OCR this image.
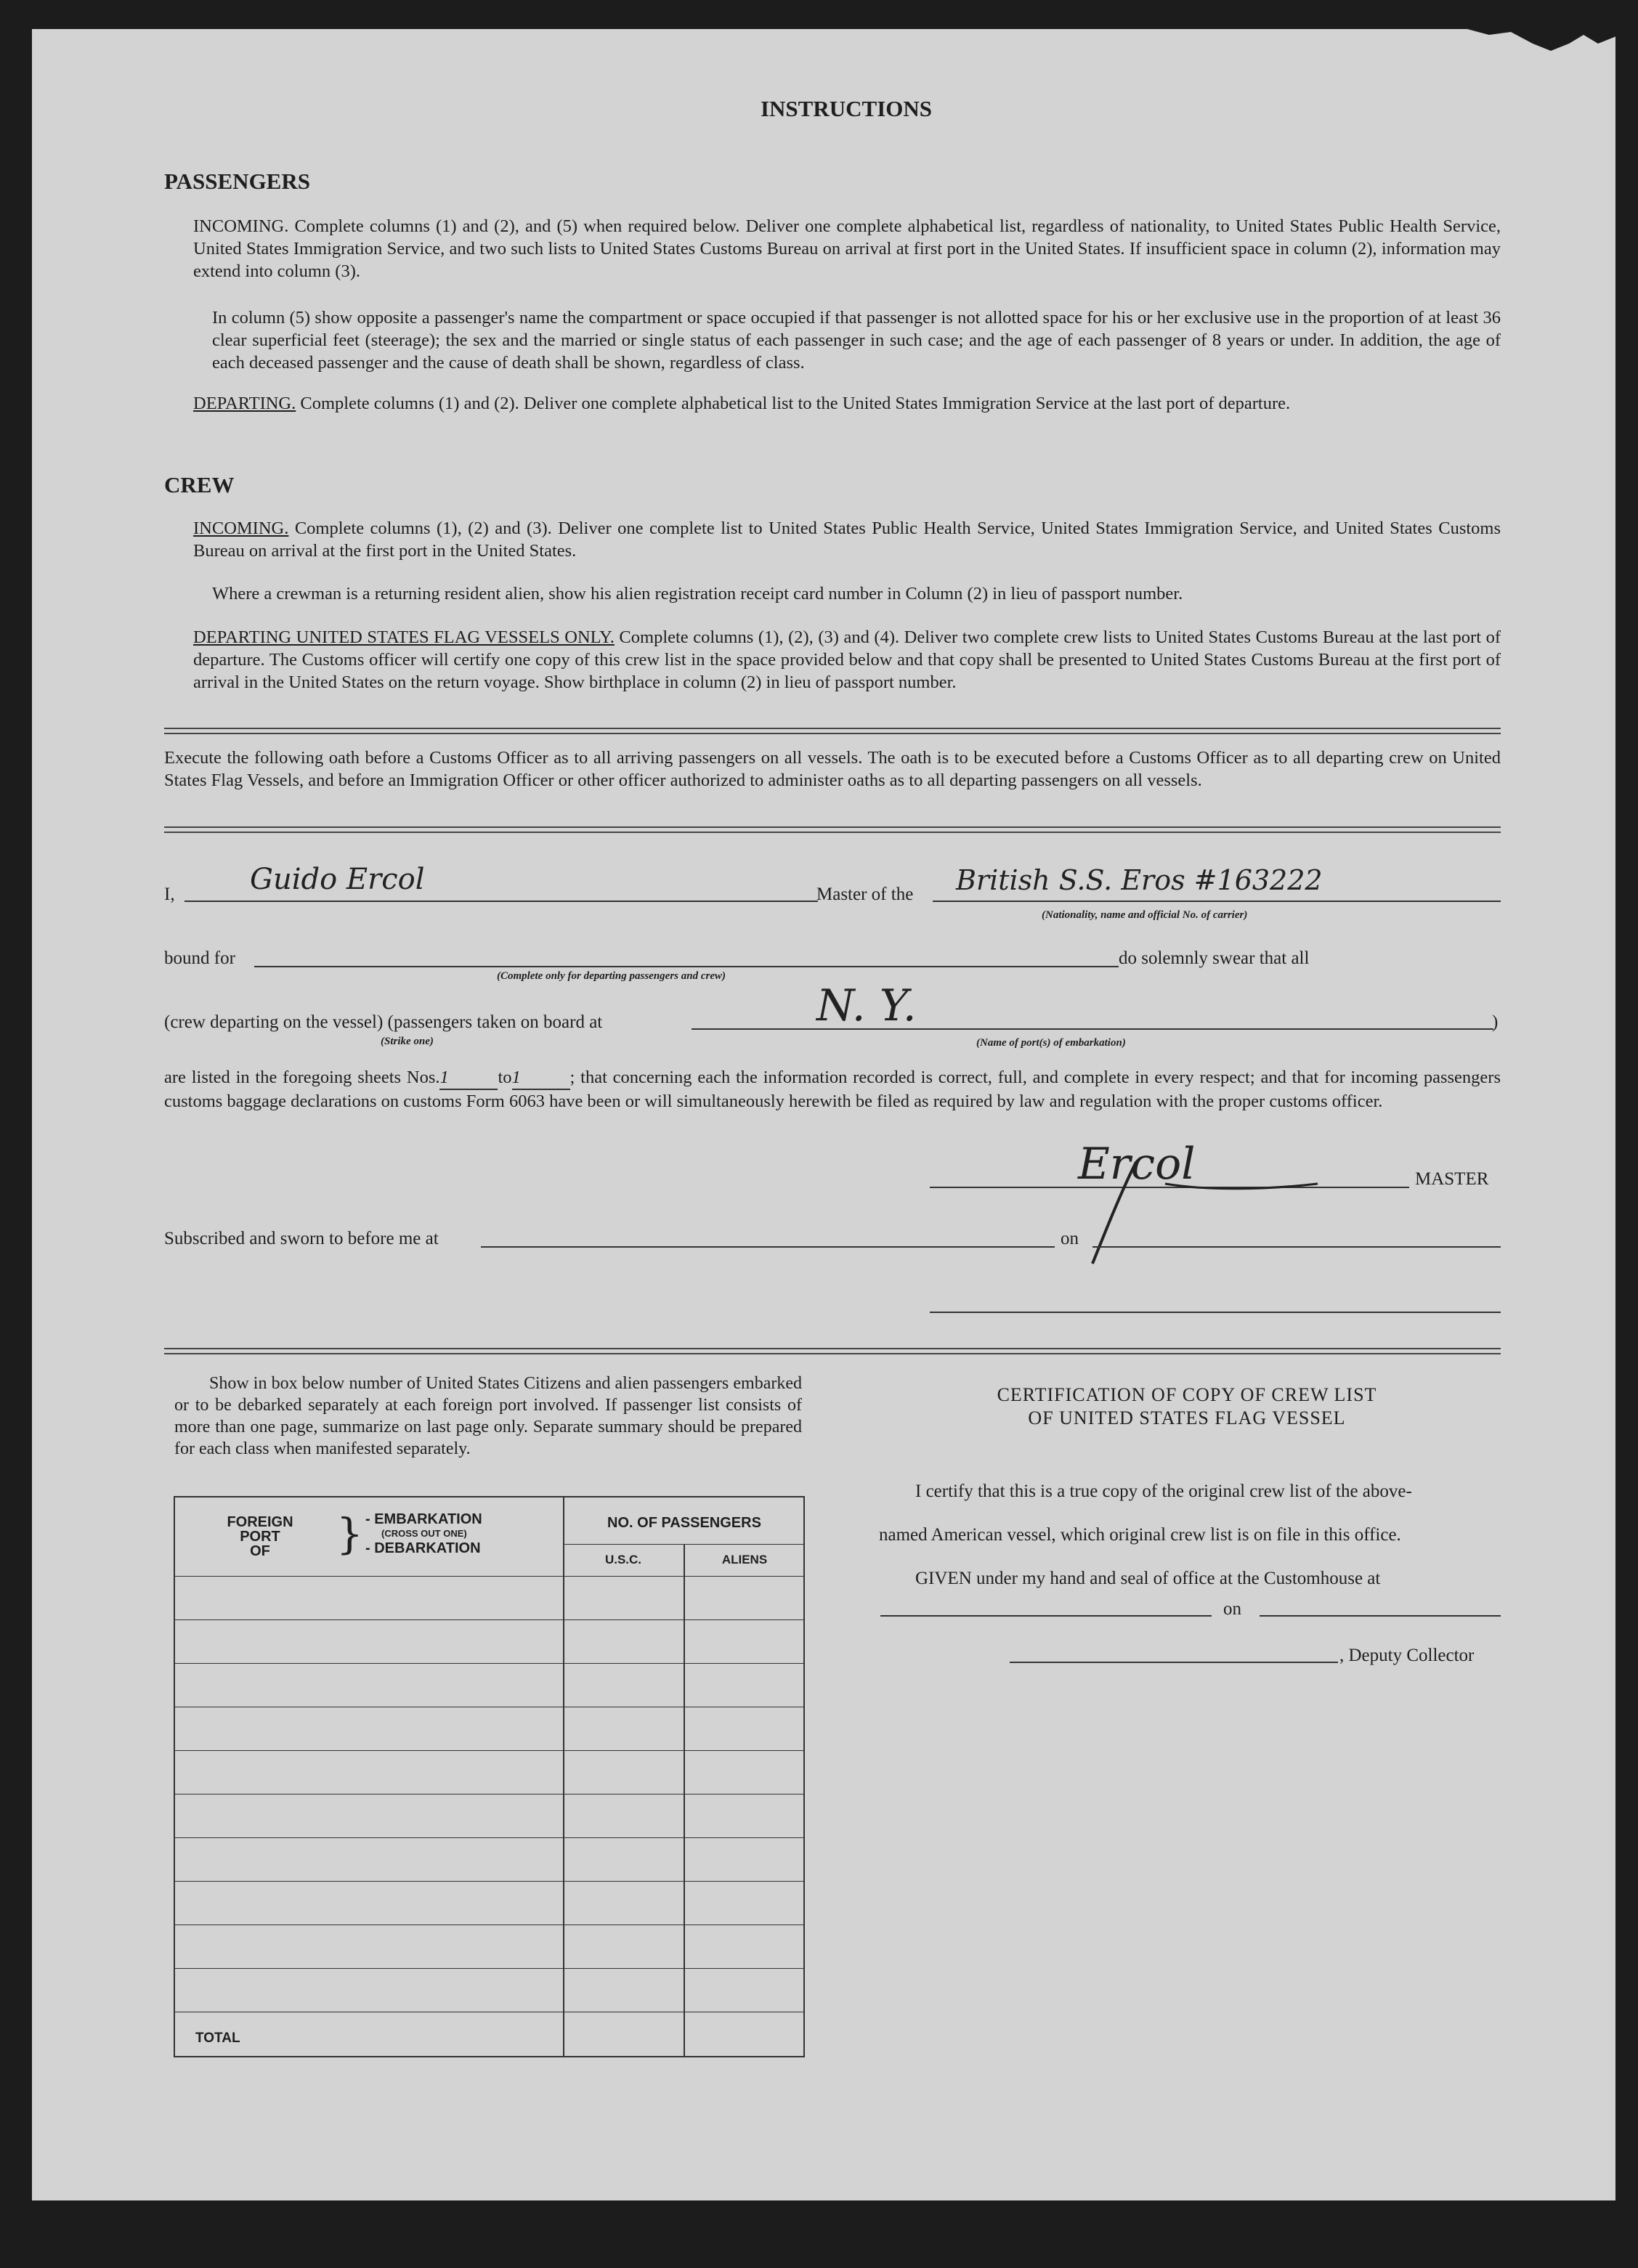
INSTRUCTIONS
PASSENGERS
INCOMING. Complete columns (1) and (2), and (5) when required below. Deliver one complete alphabetical list, regardless of nationality, to United States Public Health Service, United States Immigration Service, and two such lists to United States Customs Bureau on arrival at first port in the United States. If insufficient space in column (2), information may extend into column (3).
In column (5) show opposite a passenger's name the compartment or space occupied if that passenger is not allotted space for his or her exclusive use in the proportion of at least 36 clear superficial feet (steerage); the sex and the married or single status of each passenger in such case; and the age of each passenger of 8 years or under. In addition, the age of each deceased passenger and the cause of death shall be shown, regardless of class.
DEPARTING. Complete columns (1) and (2). Deliver one complete alphabetical list to the United States Immigration Service at the last port of departure.
CREW
INCOMING. Complete columns (1), (2) and (3). Deliver one complete list to United States Public Health Service, United States Immigration Service, and United States Customs Bureau on arrival at the first port in the United States.
Where a crewman is a returning resident alien, show his alien registration receipt card number in Column (2) in lieu of passport number.
DEPARTING UNITED STATES FLAG VESSELS ONLY. Complete columns (1), (2), (3) and (4). Deliver two complete crew lists to United States Customs Bureau at the last port of departure. The Customs officer will certify one copy of this crew list in the space provided below and that copy shall be presented to United States Customs Bureau at the first port of arrival in the United States on the return voyage. Show birthplace in column (2) in lieu of passport number.
Execute the following oath before a Customs Officer as to all arriving passengers on all vessels. The oath is to be executed before a Customs Officer as to all departing crew on United States Flag Vessels, and before an Immigration Officer or other officer authorized to administer oaths as to all departing passengers on all vessels.
I,	Guido Ercol	Master of the British S.S. Eros #163222
(Nationality, name and official No. of carrier)
bound for
(Complete only for departing passengers and crew)
do solemnly swear that all
(crew departing on the vessel) (passengers taken on board at
(Strike one)
N. Y.
(Name of port(s) of embarkation)
)
are listed in the foregoing sheets Nos.1	to1	; that concerning each the information recorded is correct, full, and complete in every respect; and that for incoming passengers customs baggage declarations on customs Form 6063 have been or will simultaneously herewith be filed as required by law and regulation with the proper customs officer.
Ercol	MASTER
Subscribed and sworn to before me at	on
Show in box below number of United States Citizens and alien passengers embarked or to be debarked separately at each foreign port involved. If passenger list consists of more than one page, summarize on last page only. Separate summary should be prepared for each class when manifested separately.
FOREIGN
PORT
OF	} - EMBARKATION
(CROSS OUT ONE)
- DEBARKATION
NO. OF PASSENGERS
U.S.C.	ALIENS
TOTAL
CERTIFICATION OF COPY OF CREW LIST
OF UNITED STATES FLAG VESSEL
I certify that this is a true copy of the original crew list of the above-
named American vessel, which original crew list is on file in this office.
GIVEN under my hand and seal of office at the Customhouse at
on
, Deputy Collector
